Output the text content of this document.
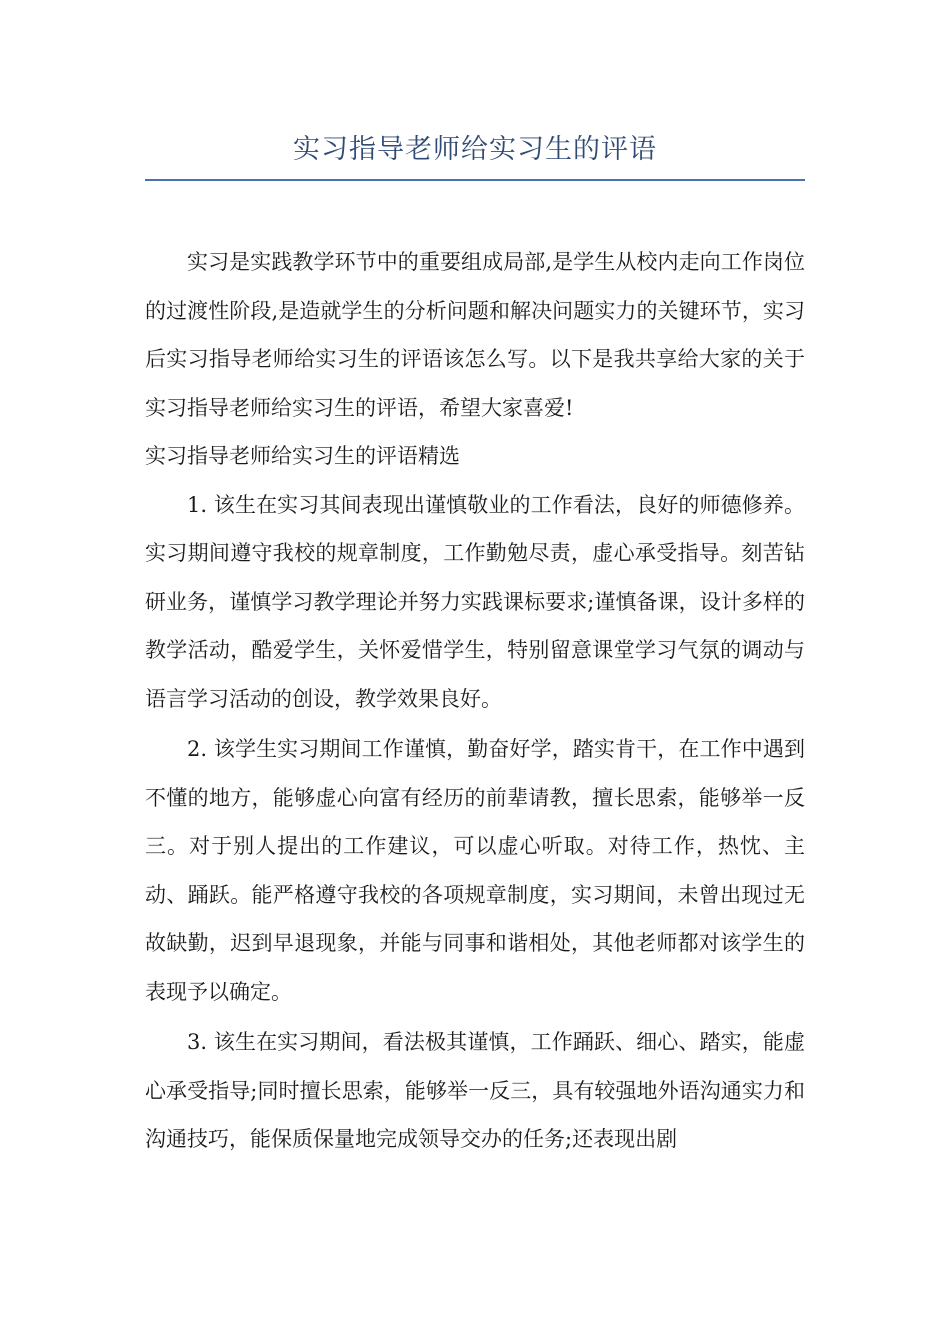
实习指导老师给实习生的评语

实习是实践教学环节中的重要组成局部,是学生从校内走向工作岗位的过渡性阶段,是造就学生的分析问题和解决问题实力的关键环节，实习后实习指导老师给实习生的评语该怎么写。以下是我共享给大家的关于实习指导老师给实习生的评语，希望大家喜爱!

实习指导老师给实习生的评语精选

1. 该生在实习其间表现出谨慎敬业的工作看法，良好的师德修养。实习期间遵守我校的规章制度，工作勤勉尽责，虚心承受指导。刻苦钻研业务，谨慎学习教学理论并努力实践课标要求;谨慎备课，设计多样的教学活动，酷爱学生，关怀爱惜学生，特别留意课堂学习气氛的调动与语言学习活动的创设，教学效果良好。

2. 该学生实习期间工作谨慎，勤奋好学，踏实肯干，在工作中遇到不懂的地方，能够虚心向富有经历的前辈请教，擅长思索，能够举一反三。对于别人提出的工作建议，可以虚心听取。对待工作，热忱、主动、踊跃。能严格遵守我校的各项规章制度，实习期间，未曾出现过无故缺勤，迟到早退现象，并能与同事和谐相处，其他老师都对该学生的表现予以确定。

3. 该生在实习期间，看法极其谨慎，工作踊跃、细心、踏实，能虚心承受指导;同时擅长思索，能够举一反三，具有较强地外语沟通实力和沟通技巧，能保质保量地完成领导交办的任务;还表现出剧
